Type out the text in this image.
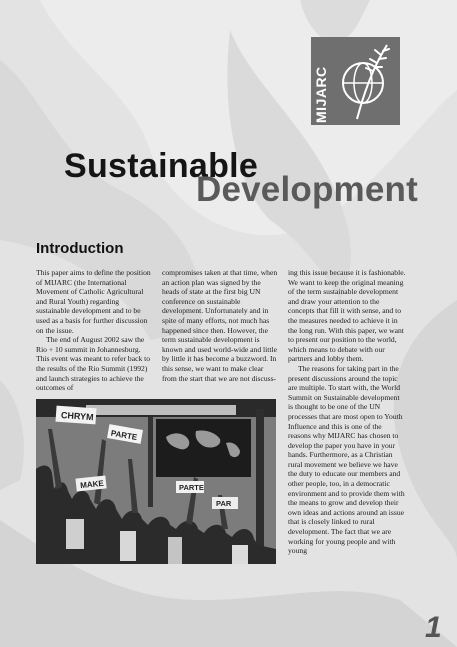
MIJARC
Sustainable
Development
Introduction

This paper aims to define the position of MIJARC (the International Movement of Catholic Agricultural and Rural Youth) regarding sustainable development and to be used as a basis for further discussion on the issue.

The end of August 2002 saw the Rio + 10 summit in Johannesburg. This event was meant to refer back to the results of the Rio Summit (1992) and launch strategies to achieve the outcomes of

compromises taken at that time, when an action plan was signed by the heads of state at the first big UN conference on sustainable development. Unfortunately and in spite of many efforts, not much has happened since then. However, the term sustainable development is known and used world-wide and little by little it has become a buzzword. In this sense, we want to make clear from the start that we are not discuss-

ing this issue because it is fashionable. We want to keep the original meaning of the term sustainable development and draw your attention to the concepts that fill it with sense, and to the measures needed to achieve it in the long run. With this paper, we want to present our position to the world, which means to debate with our partners and lobby them.

The reasons for taking part in the present discussions around the topic are multiple. To start with, the World Summit on Sustainable development is thought to be one of the UN processes that are most open to Youth Influence and this is one of the reasons why MIJARC has chosen to develop the paper you have in your hands. Furthermore, as a Christian rural movement we believe we have the duty to educate our members and other people, too, in a democratic environment and to provide them with the means to grow and develop their own ideas and actions around an issue that is closely linked to rural development. The fact that we are working for young people and with young

CHRYM
PARTE
MAKE	PARTE
PAR
1
